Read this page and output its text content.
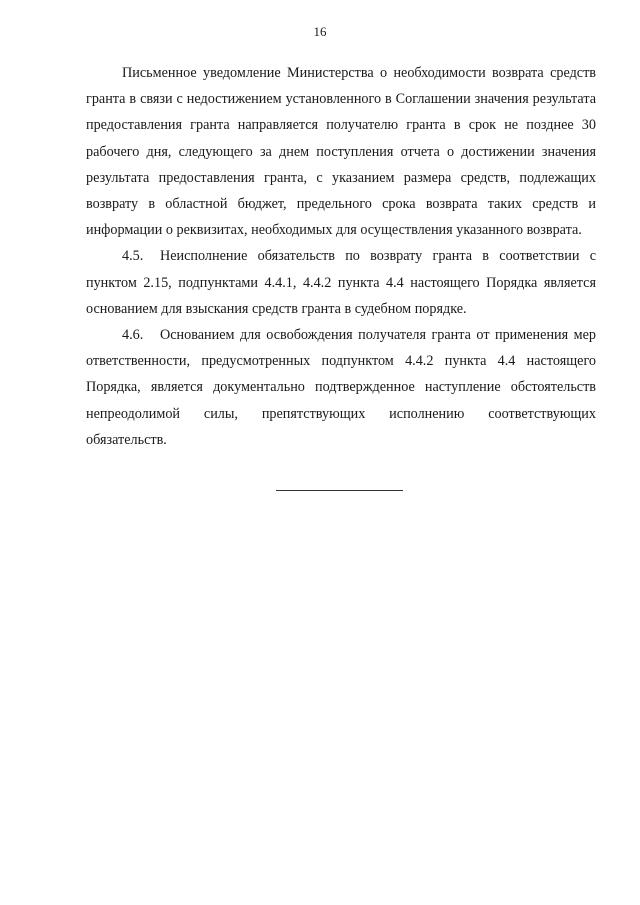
16

Письменное уведомление Министерства о необходимости возврата средств гранта в связи с недостижением установленного в Соглашении значения результата предоставления гранта направляется получателю гранта в срок не позднее 30 рабочего дня, следующего за днем поступления отчета о достижении значения результата предоставления гранта, с указанием размера средств, подлежащих возврату в областной бюджет, предельного срока возврата таких средств и информации о реквизитах, необходимых для осуществления указанного возврата.

4.5. Неисполнение обязательств по возврату гранта в соответствии с пунктом 2.15, подпунктами 4.4.1, 4.4.2 пункта 4.4 настоящего Порядка является основанием для взыскания средств гранта в судебном порядке.

4.6. Основанием для освобождения получателя гранта от применения мер ответственности, предусмотренных подпунктом 4.4.2 пункта 4.4 настоящего Порядка, является документально подтвержденное наступление обстоятельств непреодолимой силы, препятствующих исполнению соответствующих обязательств.
